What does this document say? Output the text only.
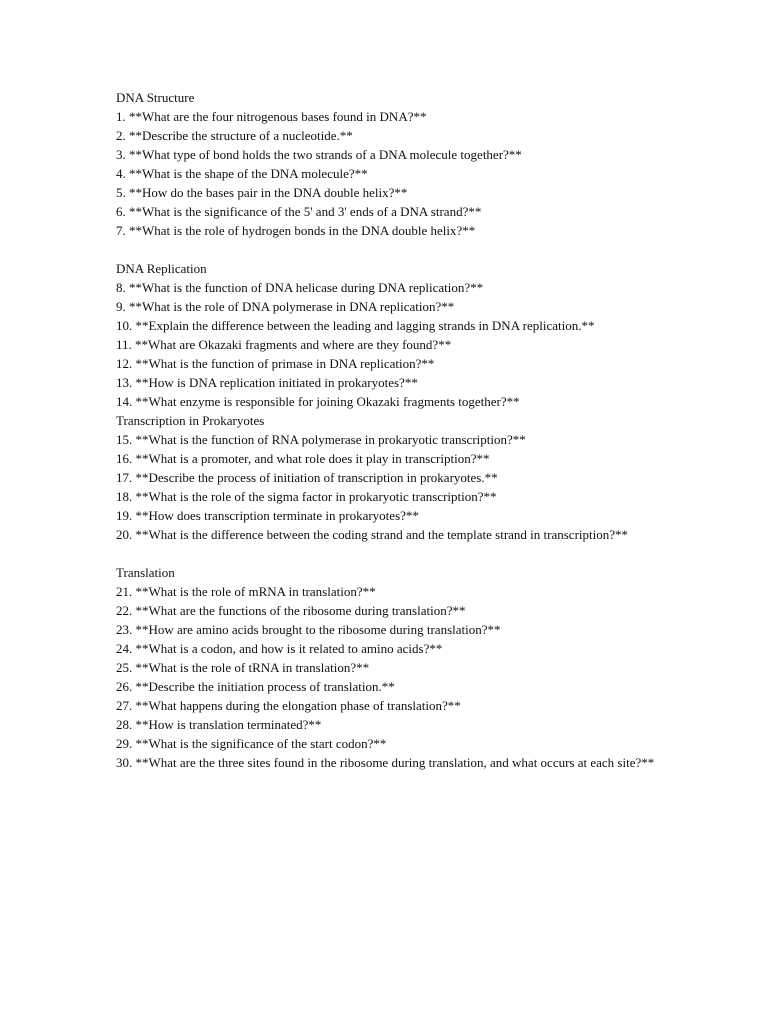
DNA Structure
1. **What are the four nitrogenous bases found in DNA?**
2. **Describe the structure of a nucleotide.**
3. **What type of bond holds the two strands of a DNA molecule together?**
4. **What is the shape of the DNA molecule?**
5. **How do the bases pair in the DNA double helix?**
6. **What is the significance of the 5' and 3' ends of a DNA strand?**
7. **What is the role of hydrogen bonds in the DNA double helix?**
DNA Replication
8. **What is the function of DNA helicase during DNA replication?**
9. **What is the role of DNA polymerase in DNA replication?**
10. **Explain the difference between the leading and lagging strands in DNA replication.**
11. **What are Okazaki fragments and where are they found?**
12. **What is the function of primase in DNA replication?**
13. **How is DNA replication initiated in prokaryotes?**
14. **What enzyme is responsible for joining Okazaki fragments together?**
Transcription in Prokaryotes
15. **What is the function of RNA polymerase in prokaryotic transcription?**
16. **What is a promoter, and what role does it play in transcription?**
17. **Describe the process of initiation of transcription in prokaryotes.**
18. **What is the role of the sigma factor in prokaryotic transcription?**
19. **How does transcription terminate in prokaryotes?**
20. **What is the difference between the coding strand and the template strand in transcription?**
Translation
21. **What is the role of mRNA in translation?**
22. **What are the functions of the ribosome during translation?**
23. **How are amino acids brought to the ribosome during translation?**
24. **What is a codon, and how is it related to amino acids?**
25. **What is the role of tRNA in translation?**
26. **Describe the initiation process of translation.**
27. **What happens during the elongation phase of translation?**
28. **How is translation terminated?**
29. **What is the significance of the start codon?**
30. **What are the three sites found in the ribosome during translation, and what occurs at each site?**
